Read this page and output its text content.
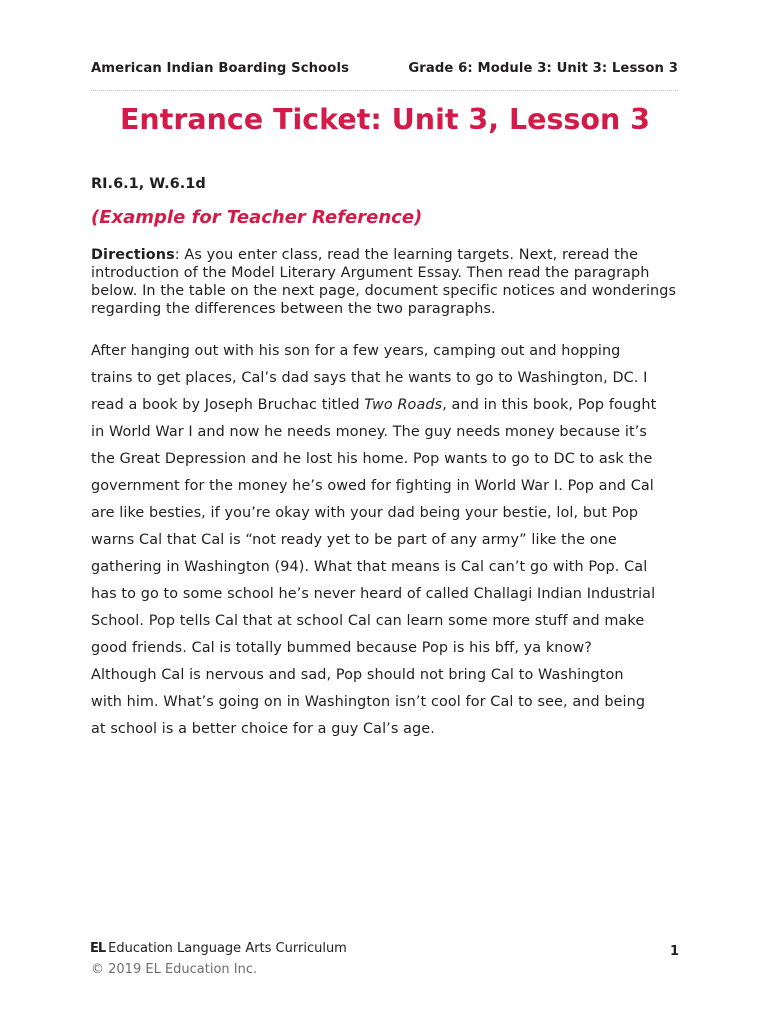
American Indian Boarding Schools	Grade 6: Module 3: Unit 3: Lesson 3
Entrance Ticket: Unit 3, Lesson 3
RI.6.1, W.6.1d
(Example for Teacher Reference)
Directions: As you enter class, read the learning targets. Next, reread the introduction of the Model Literary Argument Essay. Then read the paragraph below. In the table on the next page, document specific notices and wonderings regarding the differences between the two paragraphs.
After hanging out with his son for a few years, camping out and hopping
trains to get places, Cal’s dad says that he wants to go to Washington, DC. I
read a book by Joseph Bruchac titled Two Roads, and in this book, Pop fought
in World War I and now he needs money. The guy needs money because it’s
the Great Depression and he lost his home. Pop wants to go to DC to ask the
government for the money he’s owed for fighting in World War I. Pop and Cal
are like besties, if you’re okay with your dad being your bestie, lol, but Pop
warns Cal that Cal is “not ready yet to be part of any army” like the one
gathering in Washington (94). What that means is Cal can’t go with Pop. Cal
has to go to some school he’s never heard of called Challagi Indian Industrial
School. Pop tells Cal that at school Cal can learn some more stuff and make
good friends. Cal is totally bummed because Pop is his bff, ya know?
Although Cal is nervous and sad, Pop should not bring Cal to Washington
with him. What’s going on in Washington isn’t cool for Cal to see, and being
at school is a better choice for a guy Cal’s age.
EL Education Language Arts Curriculum
© 2019 EL Education Inc.
1
